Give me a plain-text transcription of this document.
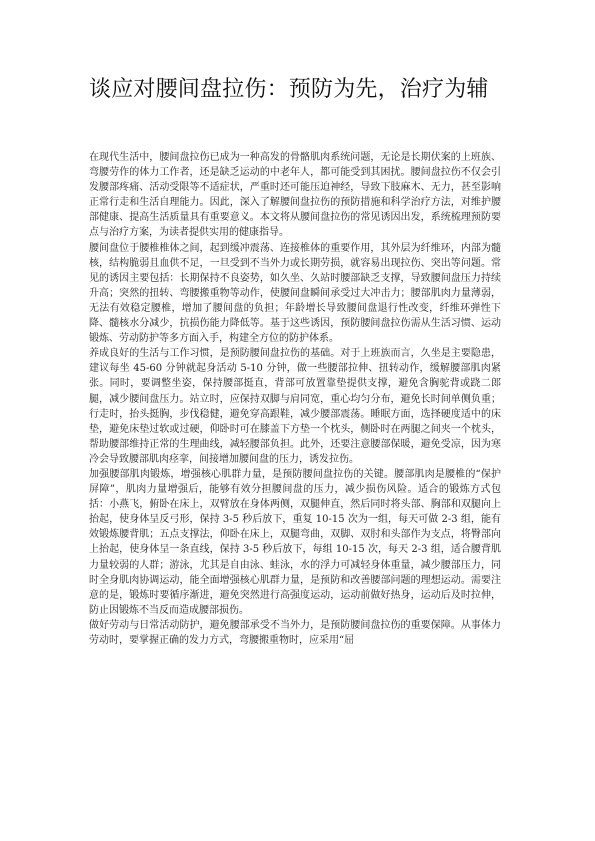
谈应对腰间盘拉伤：预防为先，治疗为辅

在现代生活中，腰间盘拉伤已成为一种高发的骨骼肌肉系统问题，无论是长期伏案的上班族、弯腰劳作的体力工作者，还是缺乏运动的中老年人，都可能受到其困扰。腰间盘拉伤不仅会引发腰部疼痛、活动受限等不适症状，严重时还可能压迫神经，导致下肢麻木、无力，甚至影响正常行走和生活自理能力。因此，深入了解腰间盘拉伤的预防措施和科学治疗方法，对维护腰部健康、提高生活质量具有重要意义。本文将从腰间盘拉伤的常见诱因出发，系统梳理预防要点与治疗方案，为读者提供实用的健康指导。

腰间盘位于腰椎椎体之间，起到缓冲震荡、连接椎体的重要作用，其外层为纤维环，内部为髓核，结构脆弱且血供不足，一旦受到不当外力或长期劳损，就容易出现拉伤、突出等问题。常见的诱因主要包括：长期保持不良姿势，如久坐、久站时腰部缺乏支撑，导致腰间盘压力持续升高；突然的扭转、弯腰搬重物等动作，使腰间盘瞬间承受过大冲击力；腰部肌肉力量薄弱，无法有效稳定腰椎，增加了腰间盘的负担；年龄增长导致腰间盘退行性改变，纤维环弹性下降、髓核水分减少，抗损伤能力降低等。基于这些诱因，预防腰间盘拉伤需从生活习惯、运动锻炼、劳动防护等多方面入手，构建全方位的防护体系。

养成良好的生活与工作习惯，是预防腰间盘拉伤的基础。对于上班族而言，久坐是主要隐患，建议每坐 45-60 分钟就起身活动 5-10 分钟，做一些腰部拉伸、扭转动作，缓解腰部肌肉紧张。同时，要调整坐姿，保持腰部挺直，背部可放置靠垫提供支撑，避免含胸驼背或跷二郎腿，减少腰间盘压力。站立时，应保持双脚与肩同宽，重心均匀分布，避免长时间单侧负重；行走时，抬头挺胸，步伐稳健，避免穿高跟鞋，减少腰部震荡。睡眠方面，选择硬度适中的床垫，避免床垫过软或过硬，仰卧时可在膝盖下方垫一个枕头，侧卧时在两腿之间夹一个枕头，帮助腰部维持正常的生理曲线，减轻腰部负担。此外，还要注意腰部保暖，避免受凉，因为寒冷会导致腰部肌肉痉挛，间接增加腰间盘的压力，诱发拉伤。

加强腰部肌肉锻炼，增强核心肌群力量，是预防腰间盘拉伤的关键。腰部肌肉是腰椎的“保护屏障”，肌肉力量增强后，能够有效分担腰间盘的压力，减少损伤风险。适合的锻炼方式包括：小燕飞，俯卧在床上，双臂放在身体两侧，双腿伸直，然后同时将头部、胸部和双腿向上抬起，使身体呈反弓形，保持 3-5 秒后放下，重复 10-15 次为一组，每天可做 2-3 组，能有效锻炼腰背肌；五点支撑法，仰卧在床上，双腿弯曲，双脚、双肘和头部作为支点，将臀部向上抬起，使身体呈一条直线，保持 3-5 秒后放下，每组 10-15 次，每天 2-3 组，适合腰背肌力量较弱的人群；游泳，尤其是自由泳、蛙泳，水的浮力可减轻身体重量，减少腰部压力，同时全身肌肉协调运动，能全面增强核心肌群力量，是预防和改善腰部问题的理想运动。需要注意的是，锻炼时要循序渐进，避免突然进行高强度运动，运动前做好热身，运动后及时拉伸，防止因锻炼不当反而造成腰部损伤。

做好劳动与日常活动防护，避免腰部承受不当外力，是预防腰间盘拉伤的重要保障。从事体力劳动时，要掌握正确的发力方式，弯腰搬重物时，应采用“屈
